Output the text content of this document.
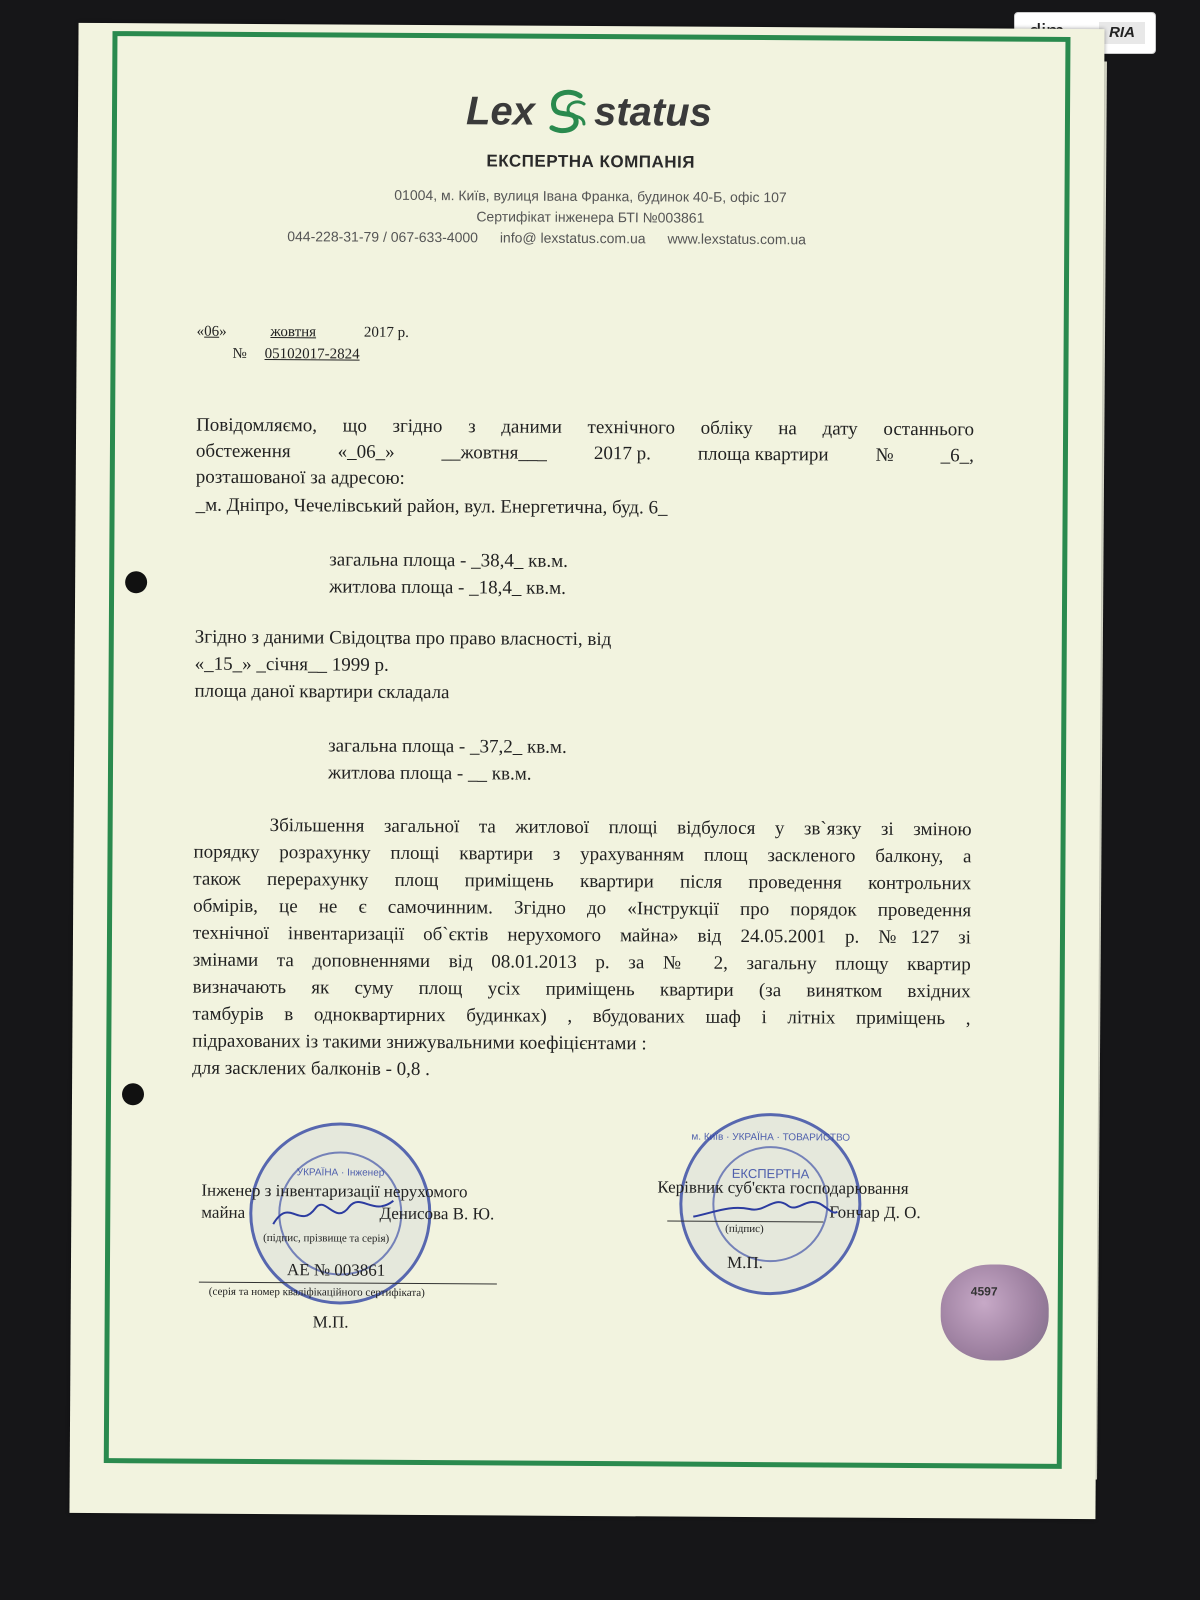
RIA
Lex status
ЕКСПЕРТНА КОМПАНІЯ
01004, м. Київ, вулиця Івана Франка, будинок 40-Б, офіс 107
Сертифікат інженера БТІ №003861
044-228-31-79 / 067-633-4000 info@ lexstatus.com.ua www.lexstatus.com.ua
«06»	жовтня	2017 р.
№ 05102017-2824
Повідомляємо, що згідно з даними технічного обліку на дату останнього
обстеження «_06_» __жовтня___ 2017 р. площа квартири № _6_,
розташованої за адресою:
_м. Дніпро, Чечелівський район, вул. Енергетична, буд. 6_
загальна площа - _38,4_ кв.м.
житлова площа - _18,4_ кв.м.
Згідно з даними Свідоцтва про право власності, від
«_15_» _січня__ 1999 р.
площа даної квартири складала
загальна площа - _37,2_ кв.м.
житлова площа - __ кв.м.
Збільшення загальної та житлової площі відбулося у зв`язку зі зміною
порядку розрахунку площі квартири з урахуванням площ заскленого балкону, а
також перерахунку площ приміщень квартири після проведення контрольних
обмірів, це не є самочинним. Згідно до «Інструкції про порядок проведення
технічної інвентаризації об`єктів нерухомого майна» від 24.05.2001 р. №127 зі
змінами та доповненнями від 08.01.2013 р. за № 2, загальну площу квартир
визначають як суму площ усіх приміщень квартири (за винятком вхідних
тамбурів в одноквартирних будинках) , вбудованих шаф і літніх приміщень ,
підрахованих із такими знижувальними коефіцієнтами :
для засклених балконів - 0,8 .
УКРАЇНА · Інженер
м. Київ · УКРАЇНА · ТОВАРИСТВО
ЕКСПЕРТНА
Інженер з інвентаризації нерухомого
майна	Денисова В. Ю.
(підпис, прізвище та серія)
АЕ № 003861
(серія та номер кваліфікаційного сертифіката)
М.П.
Керівник суб'єкта господарювання
Гончар Д. О.
(підпис)
М.П.
4597
